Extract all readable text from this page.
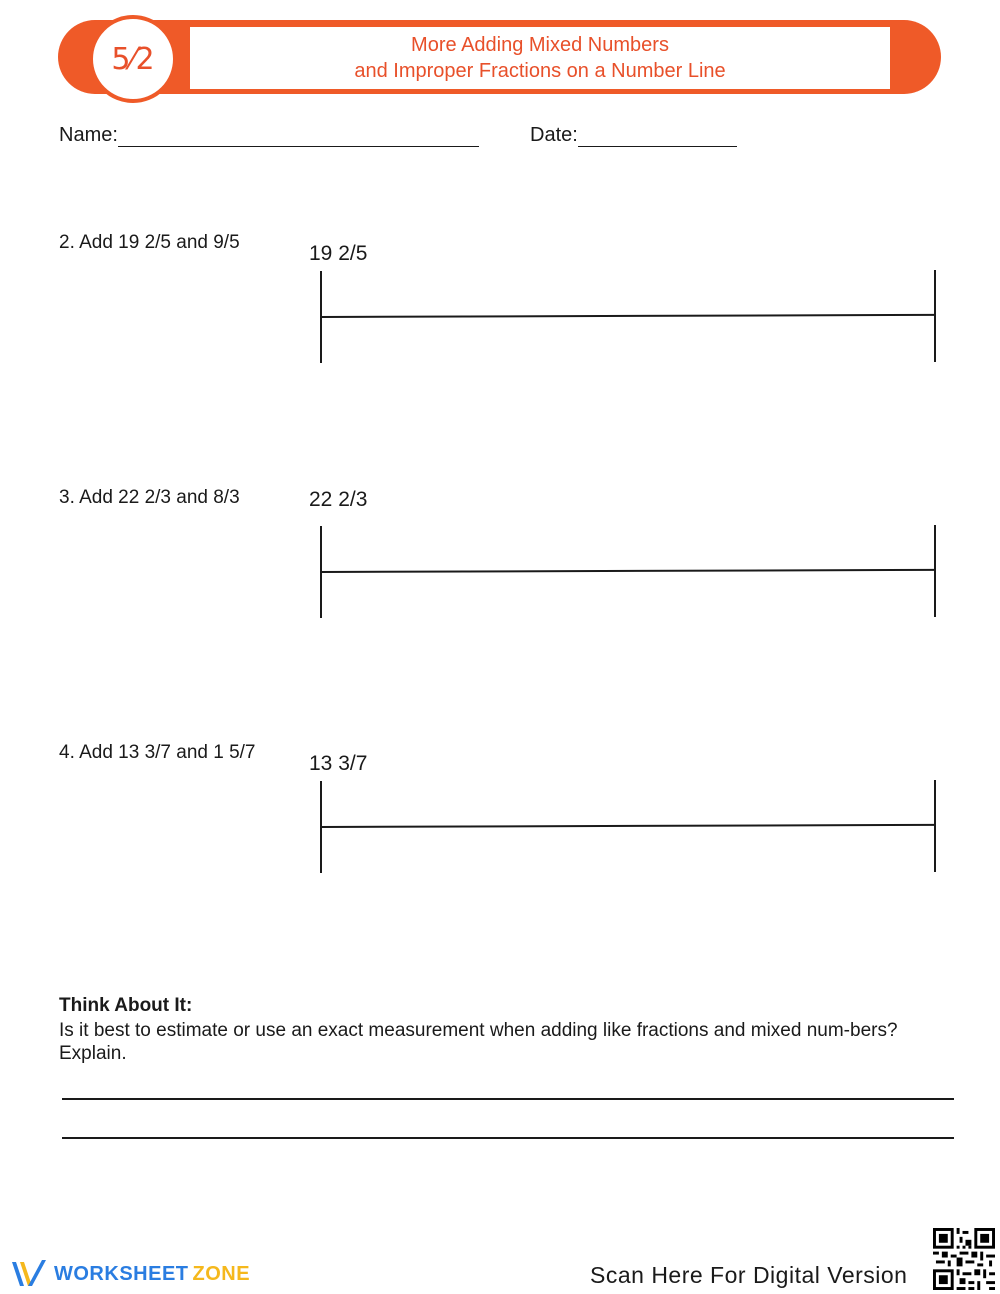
More Adding Mixed Numbers
and Improper Fractions on a Number Line
5⁄2
Name:	Date:
2. Add 19 2/5 and 9/5	19 2/5
3. Add 22 2/3 and 8/3	22 2/3
4. Add 13 3/7 and 1 5/7	13 3/7
Think About It:
Is it best to estimate or use an exact measurement when adding like fractions and mixed num-bers? Explain.
WORKSHEET ZONE	Scan Here For Digital Version
